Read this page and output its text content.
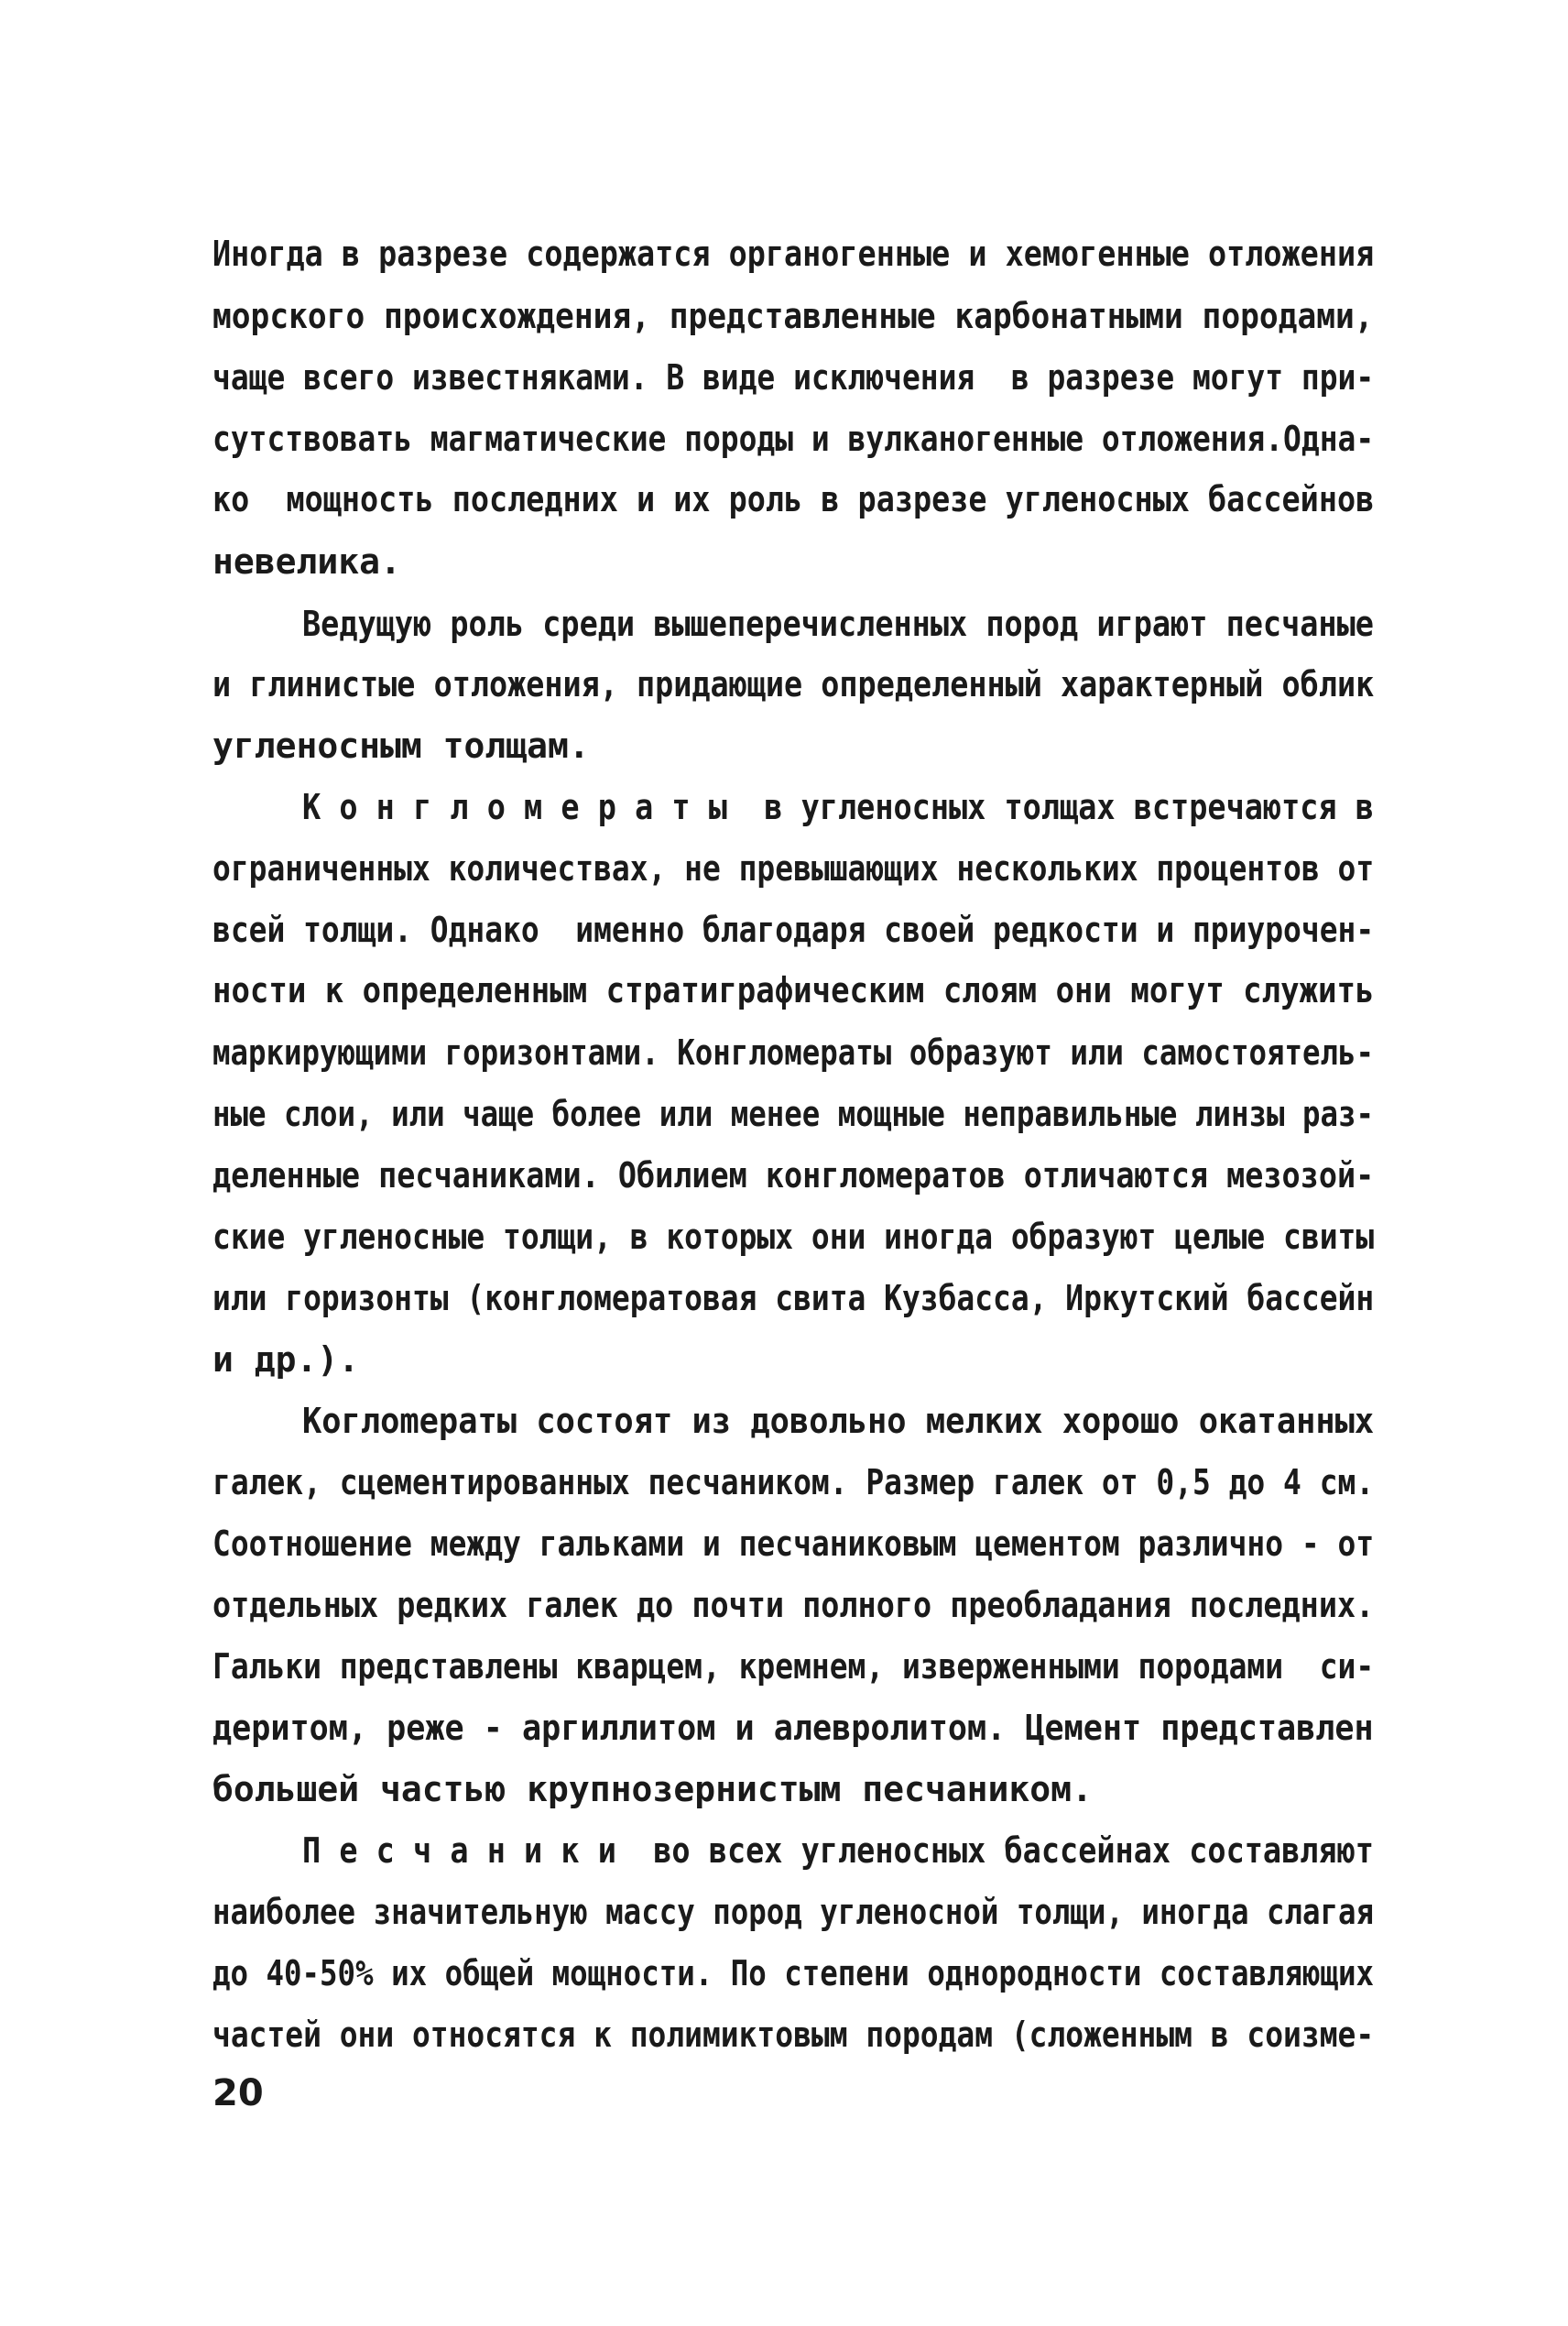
Иногда в разрезе содержатся органогенные и хемогенные отложения
морского происхождения, представленные карбонатными породами,
чаще всего известняками. В виде исключения  в разрезе могут при-
сутствовать магматические породы и вулканогенные отложения.Одна-
ко  мощность последних и их роль в разрезе угленосных бассейнов
невелика.
Ведущую роль среди вышеперечисленных пород играют песчаные
и глинистые отложения, придающие определенный характерный облик
угленосным толщам.
К о н г л о м е р а т ы  в угленосных толщах встречаются в
ограниченных количествах, не превышающих нескольких процентов от
всей толщи. Однако  именно благодаря своей редкости и приурочен-
ности к определенным стратиграфическим слоям они могут служить
маркирующими горизонтами. Конгломераты образуют или самостоятель-
ные слои, или чаще более или менее мощные неправильные линзы раз-
деленные песчаниками. Обилием конгломератов отличаются мезозой-
ские угленосные толщи, в которых они иногда образуют целые свиты
или горизонты (конгломератовая свита Кузбасса, Иркутский бассейн
и др.).
Коглomераты состоят из довольно мелких хорошо окатанных
галек, сцементированных песчаником. Размер галек от 0,5 до 4 см.
Соотношение между гальками и песчаниковым цементом различно - от
отдельных редких галек до почти полного преобладания последних.
Гальки представлены кварцем, кремнем, изверженными породами  си-
деритом, реже - аргиллитом и алевролитом. Цемент представлен
большей частью крупнозернистым песчаником.
П е с ч а н и к и  во всех угленосных бассейнах составляют
наиболее значительную массу пород угленосной толщи, иногда слагая
до 40-50% их общей мощности. По степени однородности составляющих
частей они относятся к полимиктовым породам (сложенным в соизме-
20
